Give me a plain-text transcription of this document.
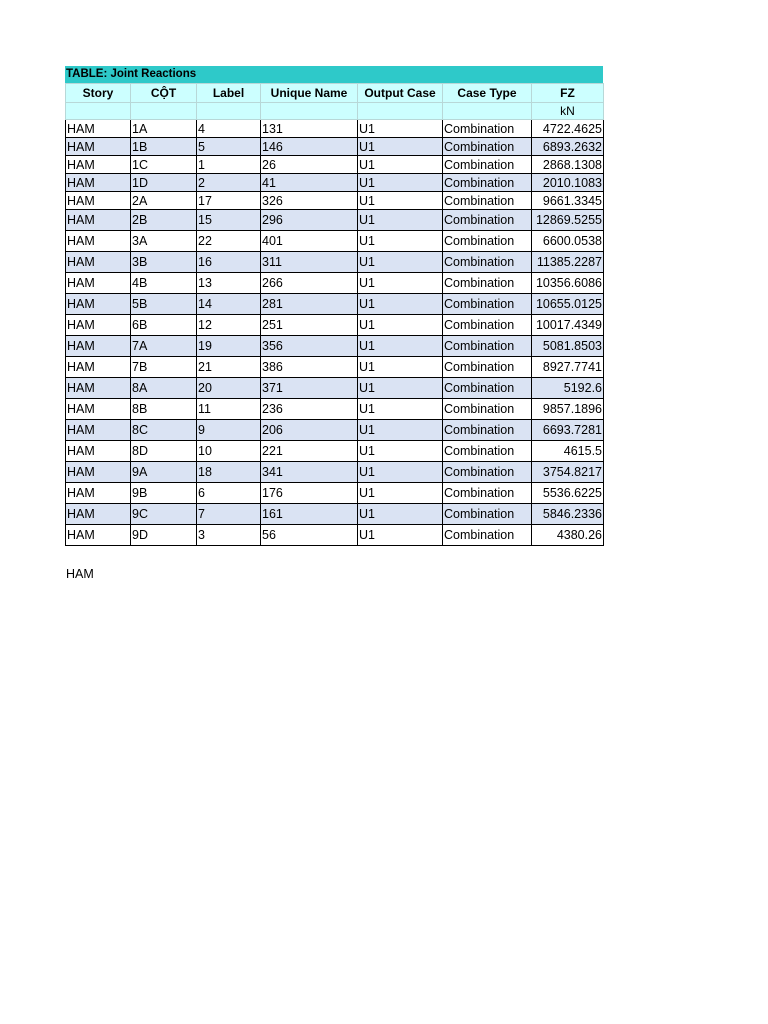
TABLE: Joint Reactions
Story	CỘT	Label	Unique Name	Output Case	Case Type	FZ
						kN
HAM	1A	4	131	U1	Combination	4722.4625
HAM	1B	5	146	U1	Combination	6893.2632
HAM	1C	1	26	U1	Combination	2868.1308
HAM	1D	2	41	U1	Combination	2010.1083
HAM	2A	17	326	U1	Combination	9661.3345
HAM	2B	15	296	U1	Combination	12869.5255
HAM	3A	22	401	U1	Combination	6600.0538
HAM	3B	16	311	U1	Combination	11385.2287
HAM	4B	13	266	U1	Combination	10356.6086
HAM	5B	14	281	U1	Combination	10655.0125
HAM	6B	12	251	U1	Combination	10017.4349
HAM	7A	19	356	U1	Combination	5081.8503
HAM	7B	21	386	U1	Combination	8927.7741
HAM	8A	20	371	U1	Combination	5192.6
HAM	8B	11	236	U1	Combination	9857.1896
HAM	8C	9	206	U1	Combination	6693.7281
HAM	8D	10	221	U1	Combination	4615.5
HAM	9A	18	341	U1	Combination	3754.8217
HAM	9B	6	176	U1	Combination	5536.6225
HAM	9C	7	161	U1	Combination	5846.2336
HAM	9D	3	56	U1	Combination	4380.26
HAM
